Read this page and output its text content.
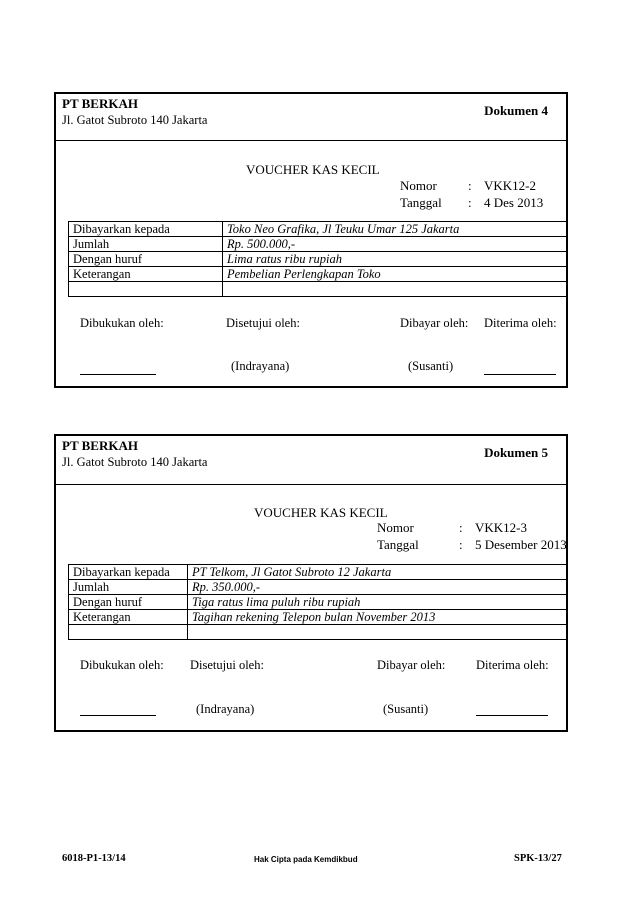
PT BERKAH
Jl. Gatot Subroto 140 Jakarta
Dokumen 4
VOUCHER KAS KECIL
Nomor : VKK12-2
Tanggal : 4 Des 2013
Dibayarkan kepada	Toko Neo Grafika, Jl Teuku Umar 125 Jakarta
Jumlah	Rp. 500.000,-
Dengan huruf	Lima ratus ribu rupiah
Keterangan	Pembelian Perlengkapan Toko

Dibukukan oleh:	Disetujui oleh:	Dibayar oleh: Diterima oleh:
(Indrayana)	(Susanti)
PT BERKAH
Jl. Gatot Subroto 140 Jakarta
Dokumen 5
VOUCHER KAS KECIL
Nomor	: VKK12-3
Tanggal	: 5 Desember 2013
Dibayarkan kepada	PT Telkom, Jl Gatot Subroto 12 Jakarta
Jumlah	Rp. 350.000,-
Dengan huruf	Tiga ratus lima puluh ribu rupiah
Keterangan	Tagihan rekening Telepon bulan November 2013

Dibukukan oleh: Disetujui oleh:	Dibayar oleh: Diterima oleh:
(Indrayana)	(Susanti)
6018-P1-13/14	Hak Cipta pada Kemdikbud	SPK-13/27
